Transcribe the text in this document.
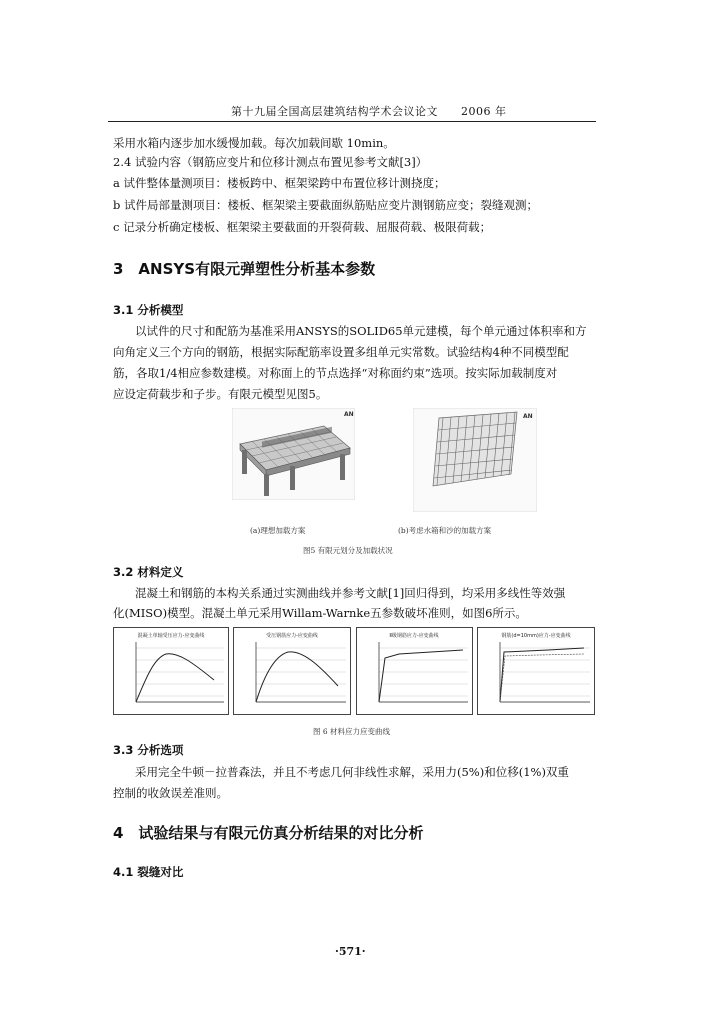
第十九届全国高层建筑结构学术会议论文　　2006 年
采用水箱内逐步加水缓慢加载。每次加载间歇 10min。
2.4 试验内容（钢筋应变片和位移计测点布置见参考文献[3]）
a 试件整体量测项目：楼板跨中、框架梁跨中布置位移计测挠度；
b 试件局部量测项目：楼板、框架梁主要截面纵筋贴应变片测钢筋应变；裂缝观测；
c 记录分析确定楼板、框架梁主要截面的开裂荷载、屈服荷载、极限荷载；
3　ANSYS有限元弹塑性分析基本参数
3.1 分析模型
以试件的尺寸和配筋为基准采用ANSYS的SOLID65单元建模，每个单元通过体积率和方
向角定义三个方向的钢筋，根据实际配筋率设置多组单元实常数。试验结构4种不同模型配
筋，各取1/4相应参数建模。对称面上的节点选择“对称面约束”选项。按实际加载制度对
应设定荷载步和子步。有限元模型见图5。
AN	AN
(a)理想加载方案	(b)考虑水箱和沙的加载方案
图5 有限元划分及加载状况
3.2 材料定义
混凝土和钢筋的本构关系通过实测曲线并参考文献[1]回归得到，均采用多线性等效强
化(MISO)模型。混凝土单元采用Willam-Warnke五参数破坏准则，如图6所示。
混凝土单轴受压应力-应变曲线	受压钢筋应力-应变曲线	Ⅱ级钢筋应力-应变曲线	钢筋(d=10mm)应力-应变曲线
图 6 材料应力应变曲线
3.3 分析选项
采用完全牛顿－拉普森法，并且不考虑几何非线性求解，采用力(5%)和位移(1%)双重
控制的收敛误差准则。
4　试验结果与有限元仿真分析结果的对比分析
4.1 裂缝对比
·571·
